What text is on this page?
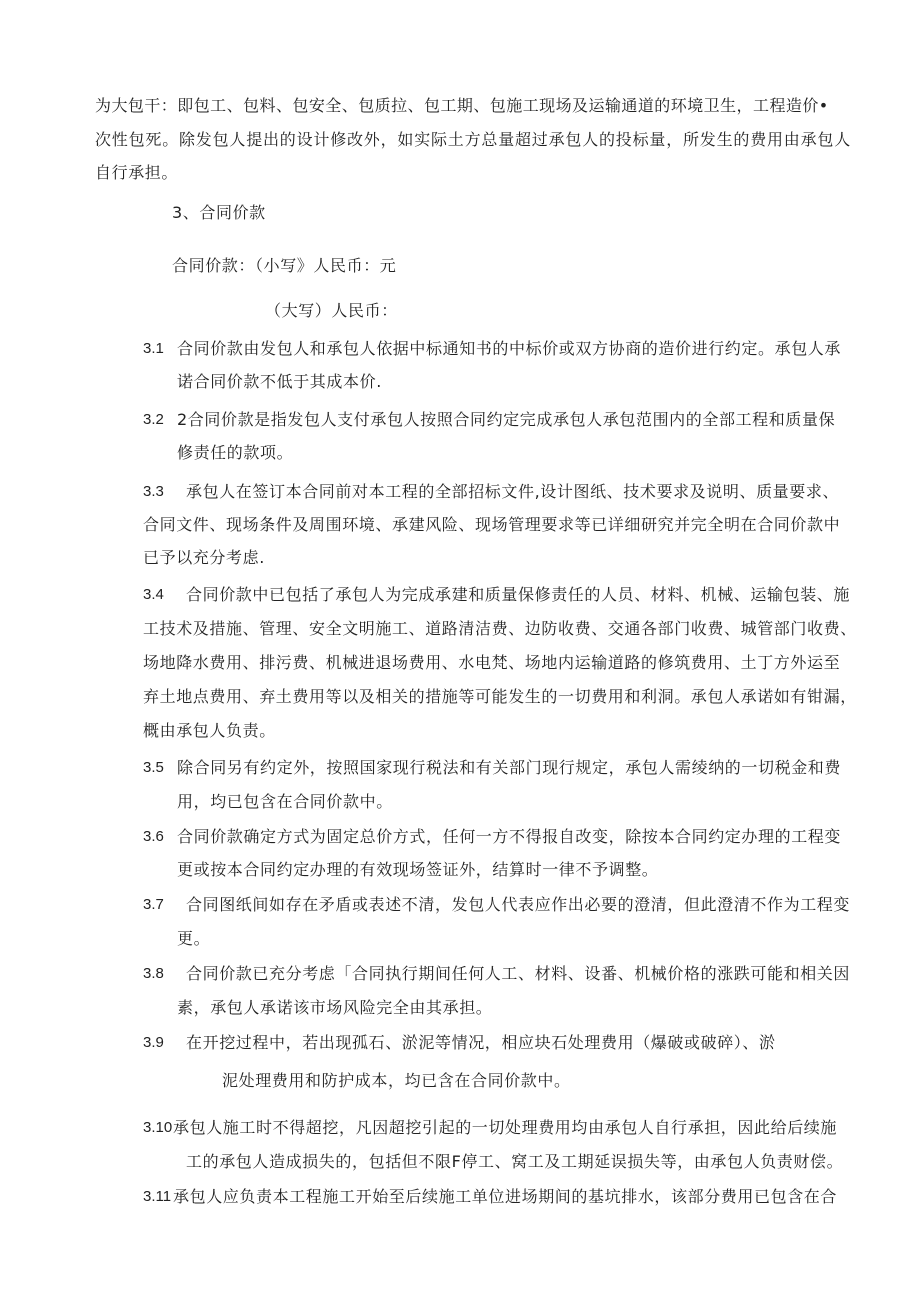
为大包干：即包工、包料、包安全、包质拉、包工期、包施工现场及运输通道的环境卫生，工程造价•
次性包死。除发包人提出的设计修改外，如实际土方总量超过承包人的投标量，所发生的费用由承包人
自行承担。
3、合同价款
合同价款：（小写》人民币：元
（大写）人民币：
3.1 合同价款由发包人和承包人依据中标通知书的中标价或双方协商的造价进行约定。承包人承
诺合同价款不低于其成本价.
3.2 2合同价款是指发包人支付承包人按照合同约定完成承包人承包范围内的全部工程和质量保
修责任的款项。
3.3 承包人在签订本合同前对本工程的全部招标文件,设计图纸、技术要求及说明、质量要求、
合同文件、现场条件及周围环境、承建风险、现场管理要求等已详细研究并完全明在合同价款中
已予以充分考虑.
3.4 合同价款中已包括了承包人为完成承建和质量保修责任的人员、材料、机械、运输包装、施
工技术及措施、管理、安全文明施工、道路清洁费、边防收费、交通各部门收费、城管部门收费、
场地降水费用、排污费、机械进退场费用、水电梵、场地内运输道路的修筑费用、土丁方外运至
弃土地点费用、弃土费用等以及相关的措施等可能发生的一切费用和利洞。承包人承诺如有钳漏，
概由承包人负责。
3.5 除合同另有约定外，按照国家现行税法和有关部门现行规定，承包人需绫纳的一切税金和费
用，均已包含在合同价款中。
3.6 合同价款确定方式为固定总价方式，任何一方不得报自改变，除按本合同约定办理的工程变
更或按本合同约定办理的有效现场签证外，结算时一律不予调整。
3.7 合同图纸间如存在矛盾或表述不清，发包人代表应作出必要的澄清，但此澄清不作为工程变
更。
3.8 合同价款已充分考虑「合同执行期间任何人工、材料、设番、机械价格的涨跌可能和相关因
素，承包人承诺该市场风险完全由其承担。
3.9 在开挖过程中，若出现孤石、淤泥等情况，相应块石处理费用（爆破或破碎）、淤
泥处理费用和防护成本，均已含在合同价款中。
3.10 承包人施工时不得超挖，凡因超挖引起的一切处理费用均由承包人自行承担，因此给后续施
工的承包人造成损失的，包括但不限F停工、窝工及工期延误损失等，由承包人负责财偿。
3.11 承包人应负责本工程施工开始至后续施工单位进场期间的基坑排水，该部分费用已包含在合
